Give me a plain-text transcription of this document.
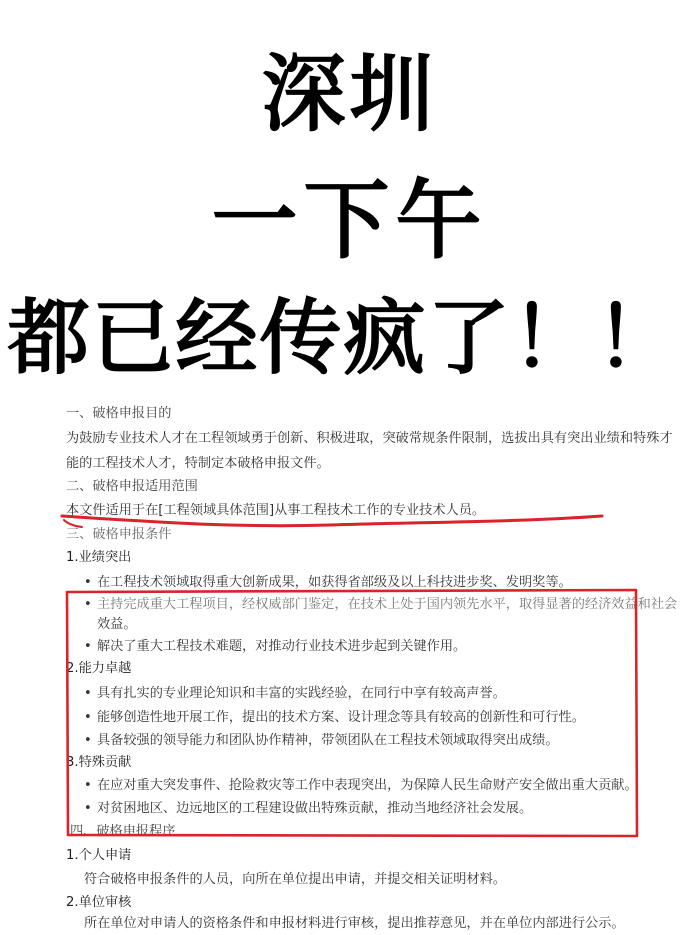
深圳
一下午
都已经传疯了！！
一、破格申报目的
为鼓励专业技术人才在工程领域勇于创新、积极进取，突破常规条件限制，选拔出具有突出业绩和特殊才
能的工程技术人才，特制定本破格申报文件。
二、破格申报适用范围
本文件适用于在[工程领域具体范围]从事工程技术工作的专业技术人员。
三、破格申报条件
1.业绩突出
• 在工程技术领域取得重大创新成果，如获得省部级及以上科技进步奖、发明奖等。
• 主持完成重大工程项目，经权威部门鉴定，在技术上处于国内领先水平，取得显著的经济效益和社会
效益。
• 解决了重大工程技术难题，对推动行业技术进步起到关键作用。
2.能力卓越
• 具有扎实的专业理论知识和丰富的实践经验，在同行中享有较高声誉。
• 能够创造性地开展工作，提出的技术方案、设计理念等具有较高的创新性和可行性。
• 具备较强的领导能力和团队协作精神，带领团队在工程技术领域取得突出成绩。
3.特殊贡献
• 在应对重大突发事件、抢险救灾等工作中表现突出，为保障人民生命财产安全做出重大贡献。
• 对贫困地区、边远地区的工程建设做出特殊贡献，推动当地经济社会发展。
四、破格申报程序
1.个人申请
符合破格申报条件的人员，向所在单位提出申请，并提交相关证明材料。
2.单位审核
所在单位对申请人的资格条件和申报材料进行审核，提出推荐意见，并在单位内部进行公示。
